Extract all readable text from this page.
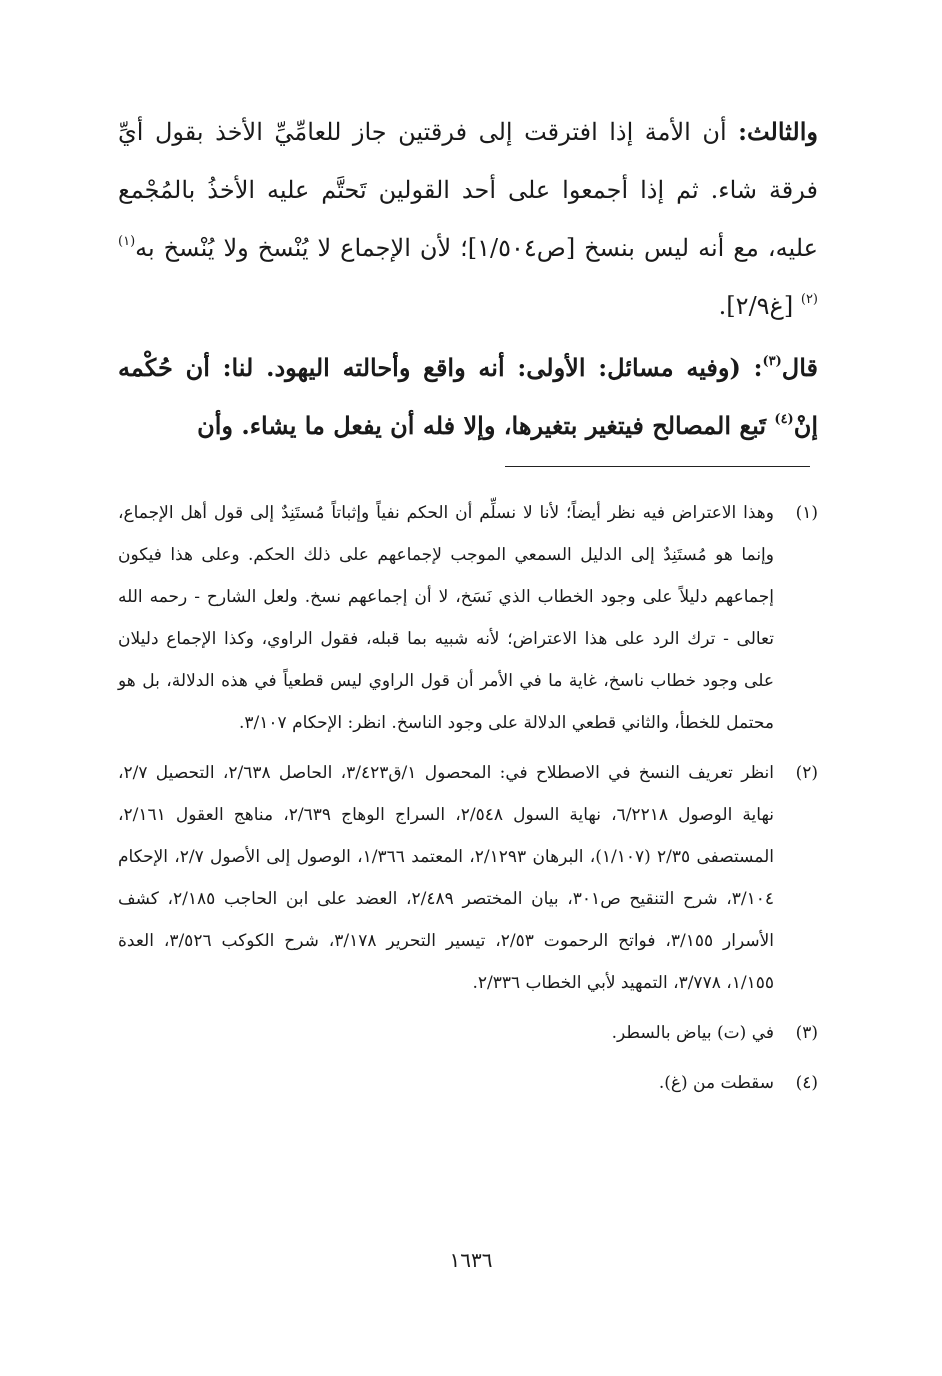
والثالث: أن الأمة إذا افترقت إلى فرقتين جاز للعامِّيِّ الأخذ بقول أيِّ فرقة شاء. ثم إذا أجمعوا على أحد القولين تَحتَّم عليه الأخذُ بالمُجْمع عليه، مع أنه ليس بنسخ [ص١/٥٠٤]؛ لأن الإجماع لا يُنْسخ ولا يُنْسخ به$^{(١)(٢)}$ [غ٢/٩].

قال$^{(٣)}$: (وفيه مسائل: الأولى: أنه واقع وأحالته اليهود. لنا: أن حُكْمه إنْ$^{(٤)}$ تَبع المصالح فيتغير بتغيرها، وإلا فله أن يفعل ما يشاء. وأن

(١)
وهذا الاعتراض فيه نظر أيضاً؛ لأنا لا نسلِّم أن الحكم نفياً وإثباتاً مُستَنِدٌ إلى قول أهل الإجماع، وإنما هو مُستَنِدٌ إلى الدليل السمعي الموجب لإجماعهم على ذلك الحكم. وعلى هذا فيكون إجماعهم دليلاً على وجود الخطاب الذي نَسَخ، لا أن إجماعهم نسخ. ولعل الشارح - رحمه الله تعالى - ترك الرد على هذا الاعتراض؛ لأنه شبيه بما قبله، فقول الراوي، وكذا الإجماع دليلان على وجود خطاب ناسخ، غاية ما في الأمر أن قول الراوي ليس قطعياً في هذه الدلالة، بل هو محتمل للخطأ، والثاني قطعي الدلالة على وجود الناسخ. انظر: الإحكام ٣/١٠٧.
(٢)
انظر تعريف النسخ في الاصطلاح في: المحصول ١/ق٣/٤٢٣، الحاصل ٢/٦٣٨، التحصيل ٢/٧، نهاية الوصول ٦/٢٢١٨، نهاية السول ٢/٥٤٨، السراج الوهاج ٢/٦٣٩، مناهج العقول ٢/١٦١، المستصفى ٢/٣٥ (١/١٠٧)، البرهان ٢/١٢٩٣، المعتمد ١/٣٦٦، الوصول إلى الأصول ٢/٧، الإحكام ٣/١٠٤، شرح التنقيح ص٣٠١، بيان المختصر ٢/٤٨٩، العضد على ابن الحاجب ٢/١٨٥، كشف الأسرار ٣/١٥٥، فواتح الرحموت ٢/٥٣، تيسير التحرير ٣/١٧٨، شرح الكوكب ٣/٥٢٦، العدة ١/١٥٥، ٣/٧٧٨، التمهيد لأبي الخطاب ٢/٣٣٦.
(٣)
في (ت) بياض بالسطر.
(٤)
سقطت من (غ).
١٦٣٦
